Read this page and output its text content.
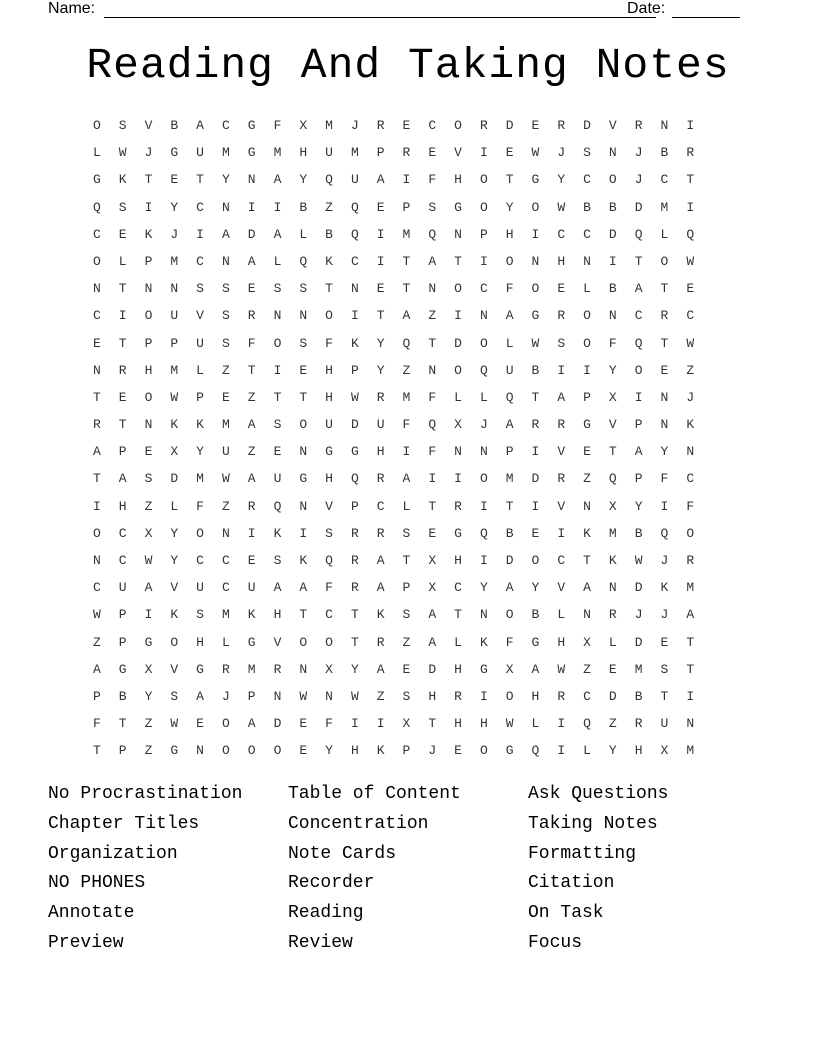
Name:	Date:
Reading And Taking Notes
O	S	V	B	A	C	G	F	X	M	J	R	E	C	O	R	D	E	R	D	V	R	N	I
L	W	J	G	U	M	G	M	H	U	M	P	R	E	V	I	E	W	J	S	N	J	B	R
G	K	T	E	T	Y	N	A	Y	Q	U	A	I	F	H	O	T	G	Y	C	O	J	C	T
Q	S	I	Y	C	N	I	I	B	Z	Q	E	P	S	G	O	Y	O	W	B	B	D	M	I
C	E	K	J	I	A	D	A	L	B	Q	I	M	Q	N	P	H	I	C	C	D	Q	L	Q
O	L	P	M	C	N	A	L	Q	K	C	I	T	A	T	I	O	N	H	N	I	T	O	W
N	T	N	N	S	S	E	S	S	T	N	E	T	N	O	C	F	O	E	L	B	A	T	E
C	I	O	U	V	S	R	N	N	O	I	T	A	Z	I	N	A	G	R	O	N	C	R	C
E	T	P	P	U	S	F	O	S	F	K	Y	Q	T	D	O	L	W	S	O	F	Q	T	W
N	R	H	M	L	Z	T	I	E	H	P	Y	Z	N	O	Q	U	B	I	I	Y	O	E	Z
T	E	O	W	P	E	Z	T	T	H	W	R	M	F	L	L	Q	T	A	P	X	I	N	J
R	T	N	K	K	M	A	S	O	U	D	U	F	Q	X	J	A	R	R	G	V	P	N	K
A	P	E	X	Y	U	Z	E	N	G	G	H	I	F	N	N	P	I	V	E	T	A	Y	N
T	A	S	D	M	W	A	U	G	H	Q	R	A	I	I	O	M	D	R	Z	Q	P	F	C
I	H	Z	L	F	Z	R	Q	N	V	P	C	L	T	R	I	T	I	V	N	X	Y	I	F
O	C	X	Y	O	N	I	K	I	S	R	R	S	E	G	Q	B	E	I	K	M	B	Q	O
N	C	W	Y	C	C	E	S	K	Q	R	A	T	X	H	I	D	O	C	T	K	W	J	R
C	U	A	V	U	C	U	A	A	F	R	A	P	X	C	Y	A	Y	V	A	N	D	K	M
W	P	I	K	S	M	K	H	T	C	T	K	S	A	T	N	O	B	L	N	R	J	J	A
Z	P	G	O	H	L	G	V	O	O	T	R	Z	A	L	K	F	G	H	X	L	D	E	T
A	G	X	V	G	R	M	R	N	X	Y	A	E	D	H	G	X	A	W	Z	E	M	S	T
P	B	Y	S	A	J	P	N	W	N	W	Z	S	H	R	I	O	H	R	C	D	B	T	I
F	T	Z	W	E	O	A	D	E	F	I	I	X	T	H	H	W	L	I	Q	Z	R	U	N
T	P	Z	G	N	O	O	O	E	Y	H	K	P	J	E	O	G	Q	I	L	Y	H	X	M
No Procrastination
Chapter Titles
Organization
NO PHONES
Annotate
Preview
Table of Content
Concentration
Note Cards
Recorder
Reading
Review
Ask Questions
Taking Notes
Formatting
Citation
On Task
Focus
